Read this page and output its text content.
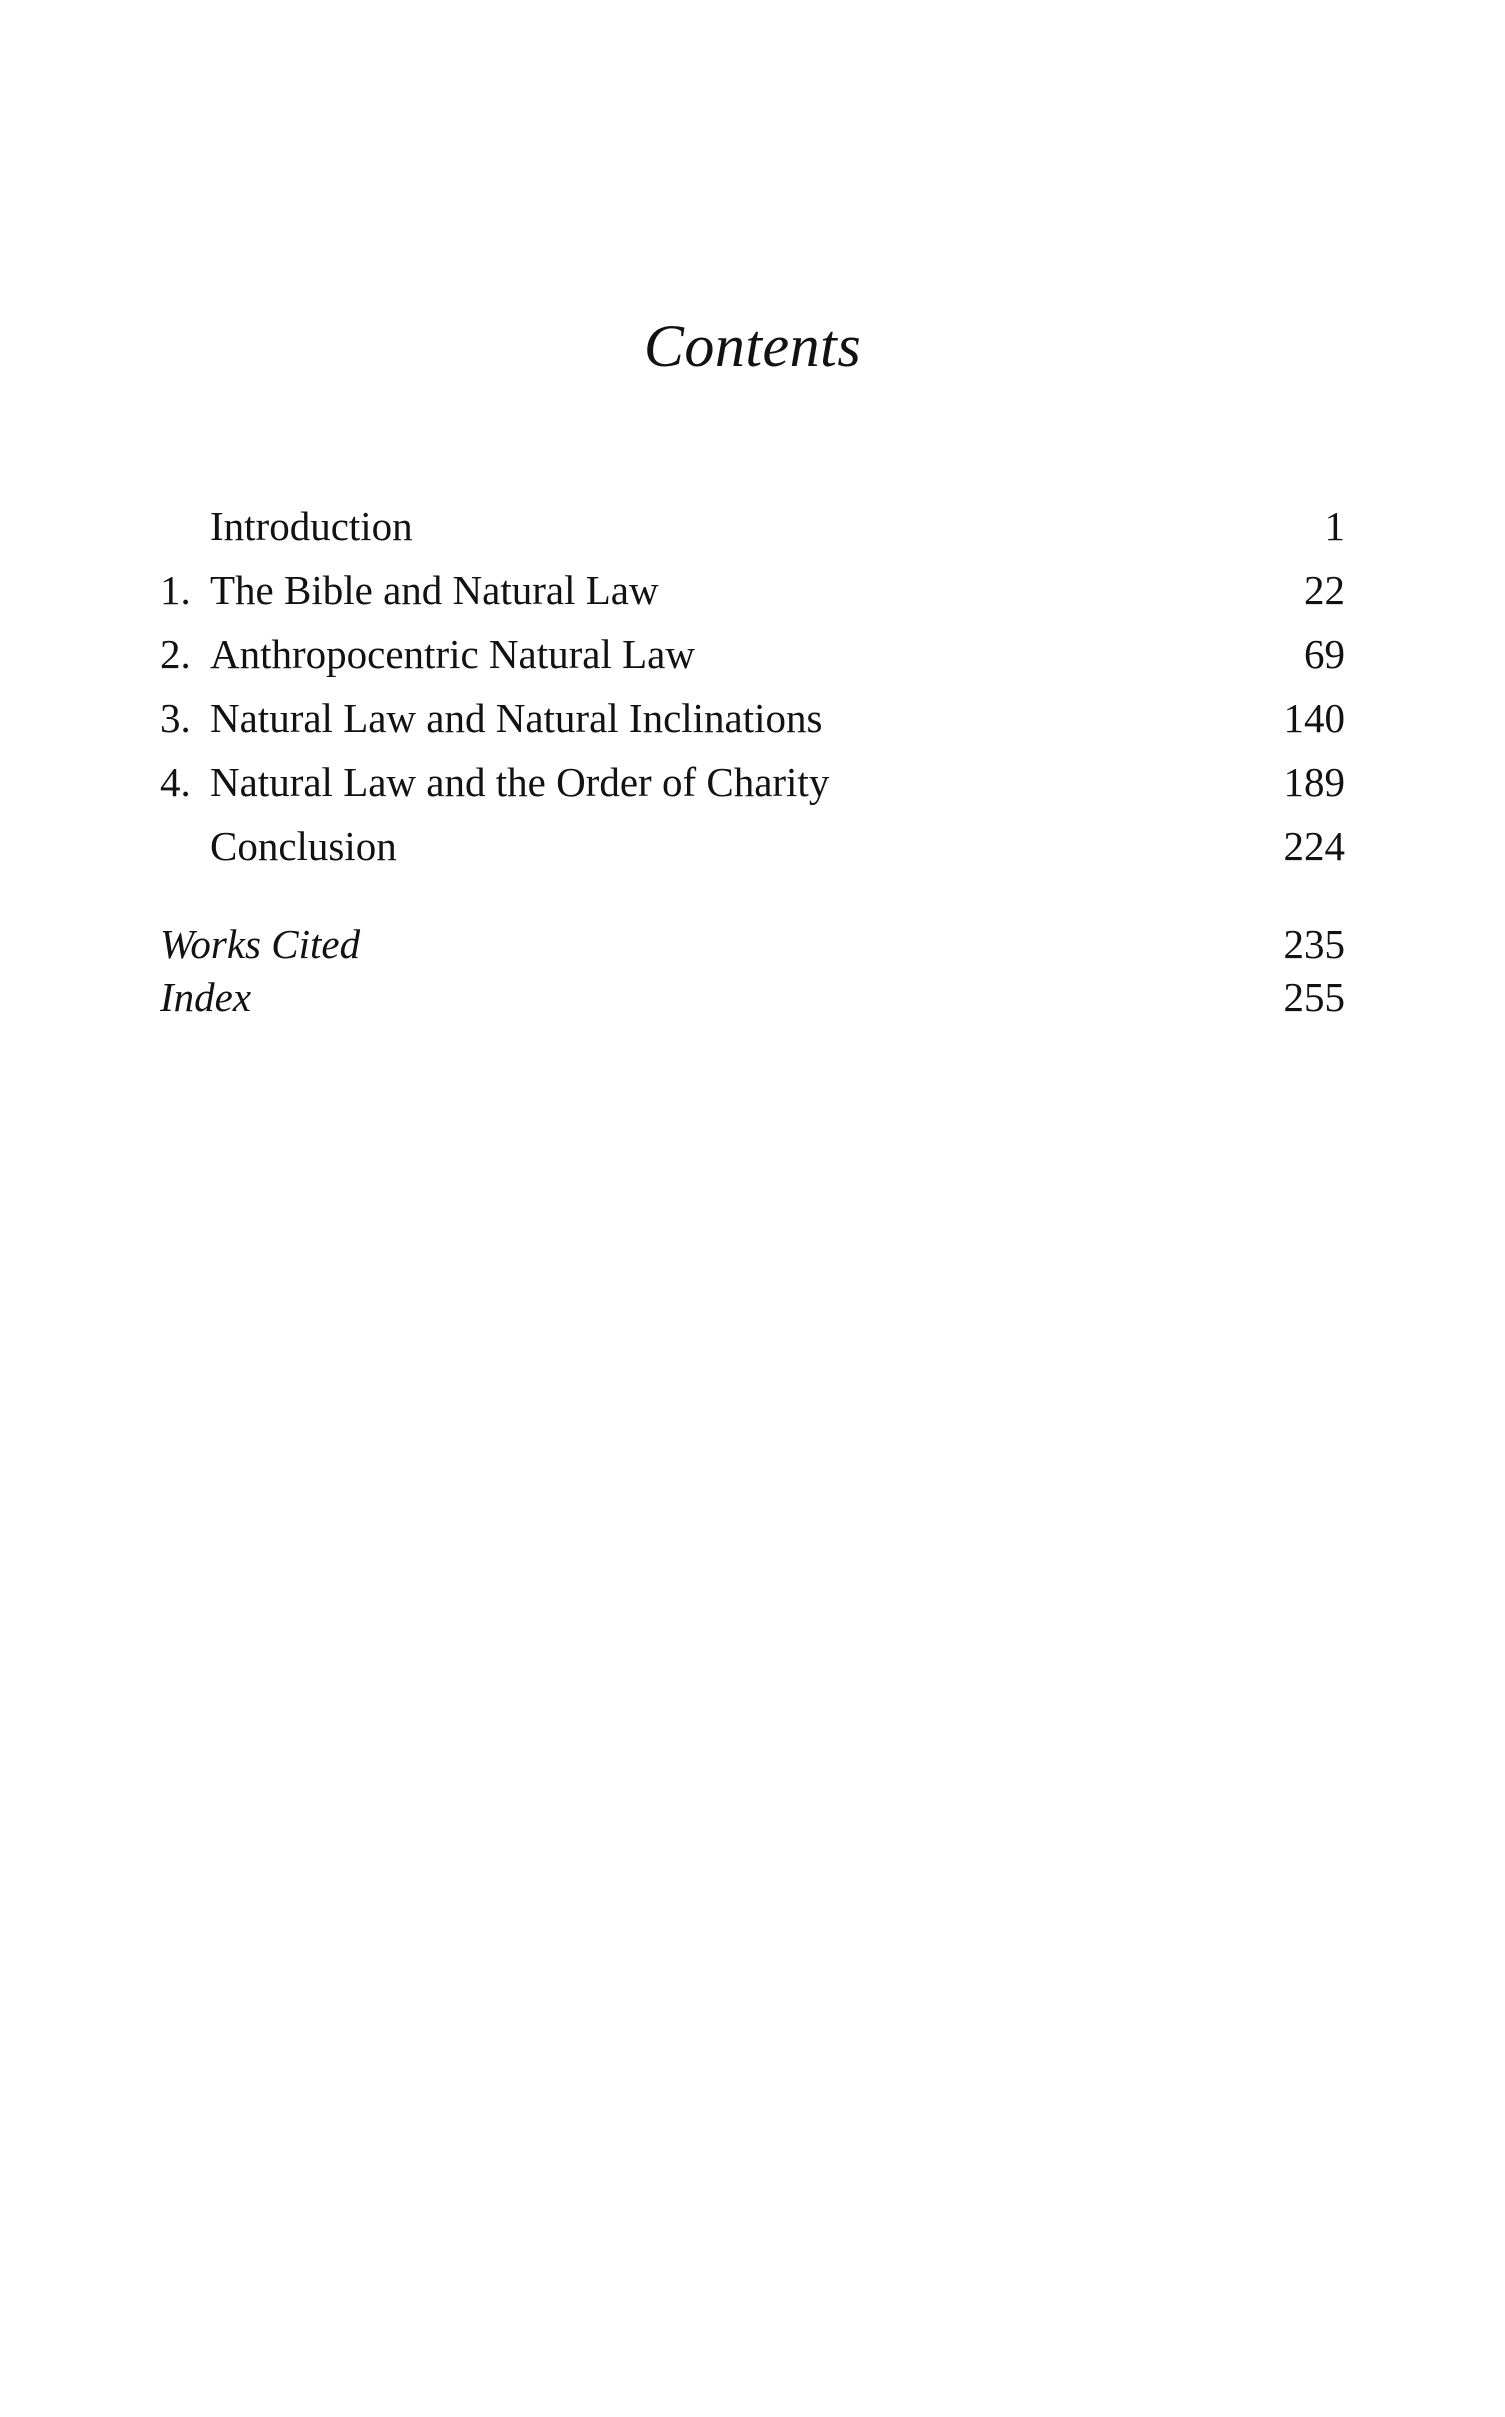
Contents
Introduction	1
1. The Bible and Natural Law	22
2. Anthropocentric Natural Law	69
3. Natural Law and Natural Inclinations	140
4. Natural Law and the Order of Charity	189
Conclusion	224
Works Cited	235
Index	255
